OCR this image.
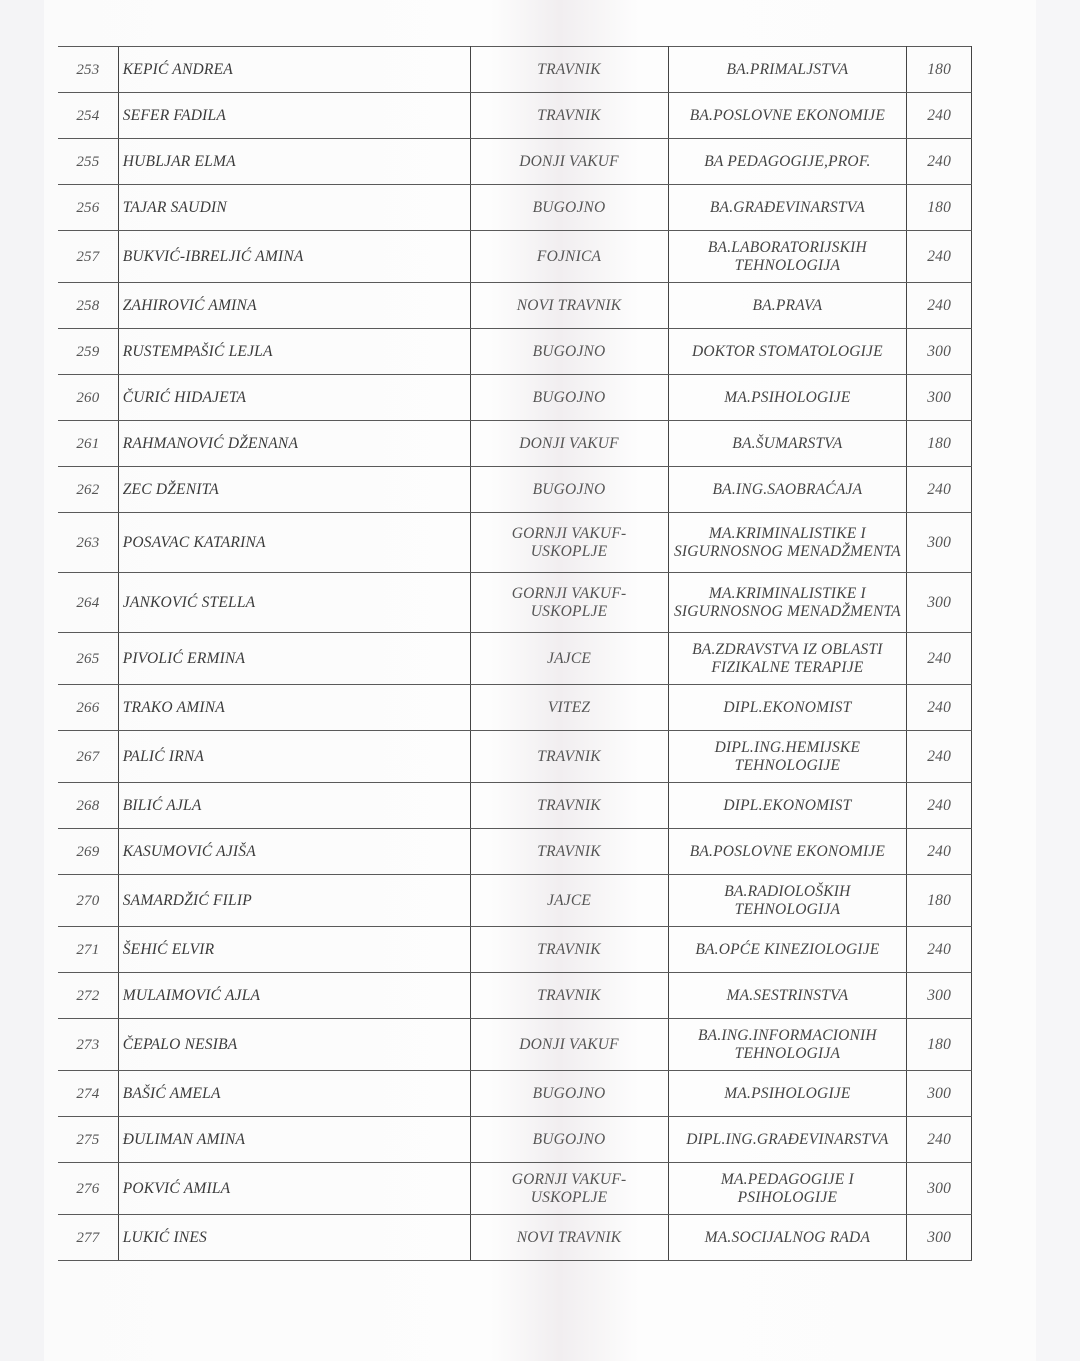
253	KEPIĆ ANDREA	TRAVNIK	BA.PRIMALJSTVA	180
254	SEFER FADILA	TRAVNIK	BA.POSLOVNE EKONOMIJE	240
255	HUBLJAR ELMA	DONJI VAKUF	BA PEDAGOGIJE,PROF.	240
256	TAJAR SAUDIN	BUGOJNO	BA.GRAĐEVINARSTVA	180
257	BUKVIĆ-IBRELJIĆ AMINA	FOJNICA	BA.LABORATORIJSKIH TEHNOLOGIJA	240
258	ZAHIROVIĆ AMINA	NOVI TRAVNIK	BA.PRAVA	240
259	RUSTEMPAŠIĆ LEJLA	BUGOJNO	DOKTOR STOMATOLOGIJE	300
260	ČURIĆ HIDAJETA	BUGOJNO	MA.PSIHOLOGIJE	300
261	RAHMANOVIĆ DŽENANA	DONJI VAKUF	BA.ŠUMARSTVA	180
262	ZEC DŽENITA	BUGOJNO	BA.ING.SAOBRAĆAJA	240
263	POSAVAC KATARINA	GORNJI VAKUF-USKOPLJE	MA.KRIMINALISTIKE I SIGURNOSNOG MENADŽMENTA	300
264	JANKOVIĆ STELLA	GORNJI VAKUF-USKOPLJE	MA.KRIMINALISTIKE I SIGURNOSNOG MENADŽMENTA	300
265	PIVOLIĆ ERMINA	JAJCE	BA.ZDRAVSTVA IZ OBLASTI FIZIKALNE TERAPIJE	240
266	TRAKO AMINA	VITEZ	DIPL.EKONOMIST	240
267	PALIĆ IRNA	TRAVNIK	DIPL.ING.HEMIJSKE TEHNOLOGIJE	240
268	BILIĆ AJLA	TRAVNIK	DIPL.EKONOMIST	240
269	KASUMOVIĆ AJIŠA	TRAVNIK	BA.POSLOVNE EKONOMIJE	240
270	SAMARDŽIĆ FILIP	JAJCE	BA.RADIOLOŠKIH TEHNOLOGIJA	180
271	ŠEHIĆ ELVIR	TRAVNIK	BA.OPĆE KINEZIOLOGIJE	240
272	MULAIMOVIĆ AJLA	TRAVNIK	MA.SESTRINSTVA	300
273	ČEPALO NESIBA	DONJI VAKUF	BA.ING.INFORMACIONIH TEHNOLOGIJA	180
274	BAŠIĆ AMELA	BUGOJNO	MA.PSIHOLOGIJE	300
275	ĐULIMAN AMINA	BUGOJNO	DIPL.ING.GRAĐEVINARSTVA	240
276	POKVIĆ AMILA	GORNJI VAKUF-USKOPLJE	MA.PEDAGOGIJE I PSIHOLOGIJE	300
277	LUKIĆ INES	NOVI TRAVNIK	MA.SOCIJALNOG RADA	300
